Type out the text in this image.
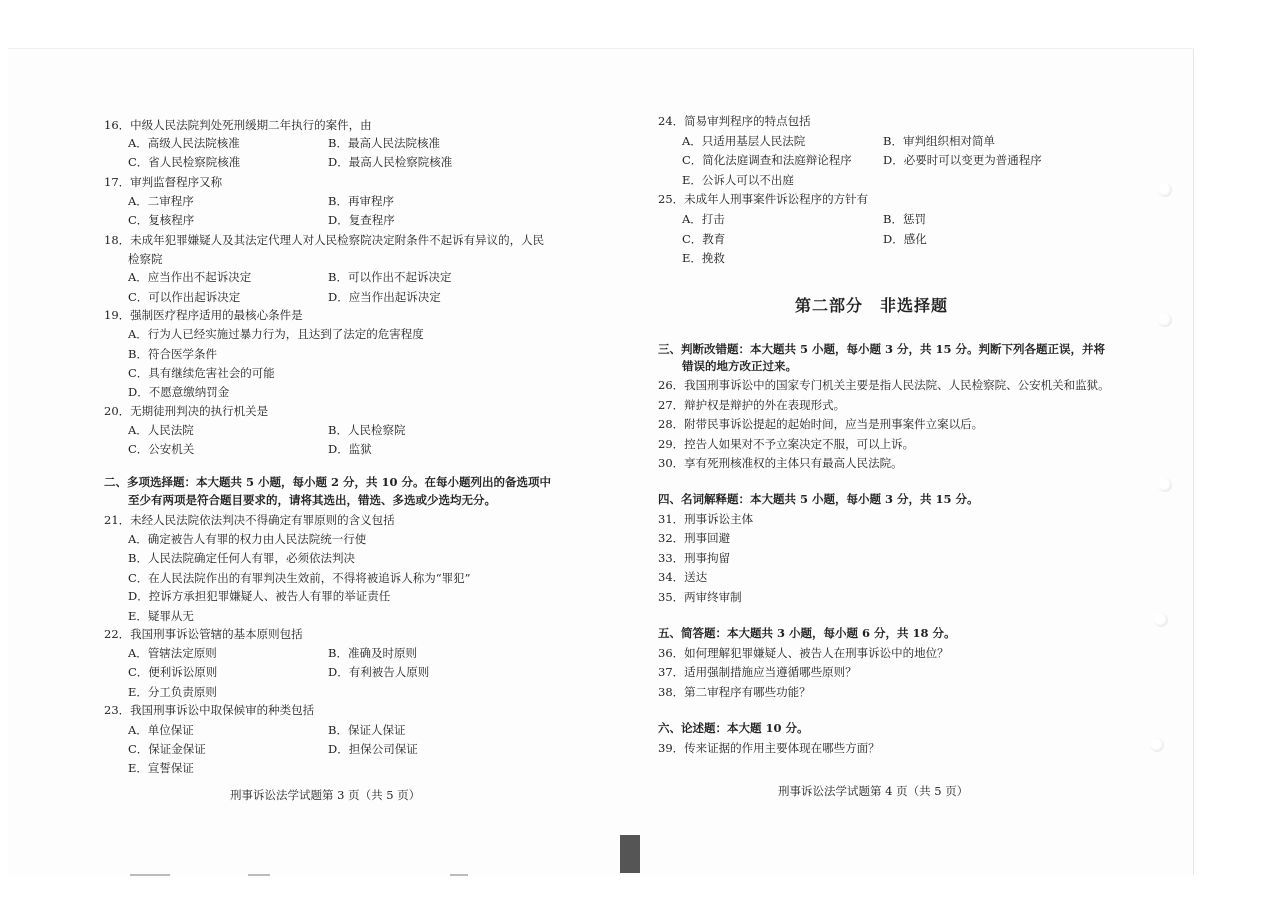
16．中级人民法院判处死刑缓期二年执行的案件，由
A．高级人民法院核准	B．最高人民法院核准
C．省人民检察院核准	D．最高人民检察院核准
17．审判监督程序又称
A．二审程序	B．再审程序
C．复核程序	D．复查程序
18．未成年犯罪嫌疑人及其法定代理人对人民检察院决定附条件不起诉有异议的，人民
检察院
A．应当作出不起诉决定	B．可以作出不起诉决定
C．可以作出起诉决定	D．应当作出起诉决定
19．强制医疗程序适用的最核心条件是
A．行为人已经实施过暴力行为，且达到了法定的危害程度
B．符合医学条件
C．具有继续危害社会的可能
D．不愿意缴纳罚金
20．无期徒刑判决的执行机关是
A．人民法院	B．人民检察院
C．公安机关	D．监狱
二、多项选择题：本大题共 5 小题，每小题 2 分，共 10 分。在每小题列出的备选项中
至少有两项是符合题目要求的，请将其选出，错选、多选或少选均无分。
21．未经人民法院依法判决不得确定有罪原则的含义包括
A．确定被告人有罪的权力由人民法院统一行使
B．人民法院确定任何人有罪，必须依法判决
C．在人民法院作出的有罪判决生效前，不得将被追诉人称为“罪犯”
D．控诉方承担犯罪嫌疑人、被告人有罪的举证责任
E．疑罪从无
22．我国刑事诉讼管辖的基本原则包括
A．管辖法定原则	B．准确及时原则
C．便利诉讼原则	D．有利被告人原则
E．分工负责原则
23．我国刑事诉讼中取保候审的种类包括
A．单位保证	B．保证人保证
C．保证金保证	D．担保公司保证
E．宣誓保证
24．简易审判程序的特点包括
A．只适用基层人民法院	B．审判组织相对简单
C．简化法庭调查和法庭辩论程序	D．必要时可以变更为普通程序
E．公诉人可以不出庭
25．未成年人刑事案件诉讼程序的方针有
A．打击	B．惩罚
C．教育	D．感化
E．挽救
三、判断改错题：本大题共 5 小题，每小题 3 分，共 15 分。判断下列各题正误，并将
错误的地方改正过来。
26．我国刑事诉讼中的国家专门机关主要是指人民法院、人民检察院、公安机关和监狱。
27．辩护权是辩护的外在表现形式。
28．附带民事诉讼提起的起始时间，应当是刑事案件立案以后。
29．控告人如果对不予立案决定不服，可以上诉。
30．享有死刑核准权的主体只有最高人民法院。
四、名词解释题：本大题共 5 小题，每小题 3 分，共 15 分。
31．刑事诉讼主体
32．刑事回避
33．刑事拘留
34．送达
35．两审终审制
五、简答题：本大题共 3 小题，每小题 6 分，共 18 分。
36．如何理解犯罪嫌疑人、被告人在刑事诉讼中的地位？
37．适用强制措施应当遵循哪些原则？
38．第二审程序有哪些功能？
六、论述题：本大题 10 分。
39．传来证据的作用主要体现在哪些方面？
第二部分　非选择题
刑事诉讼法学试题第 3 页（共 5 页）	刑事诉讼法学试题第 4 页（共 5 页）
